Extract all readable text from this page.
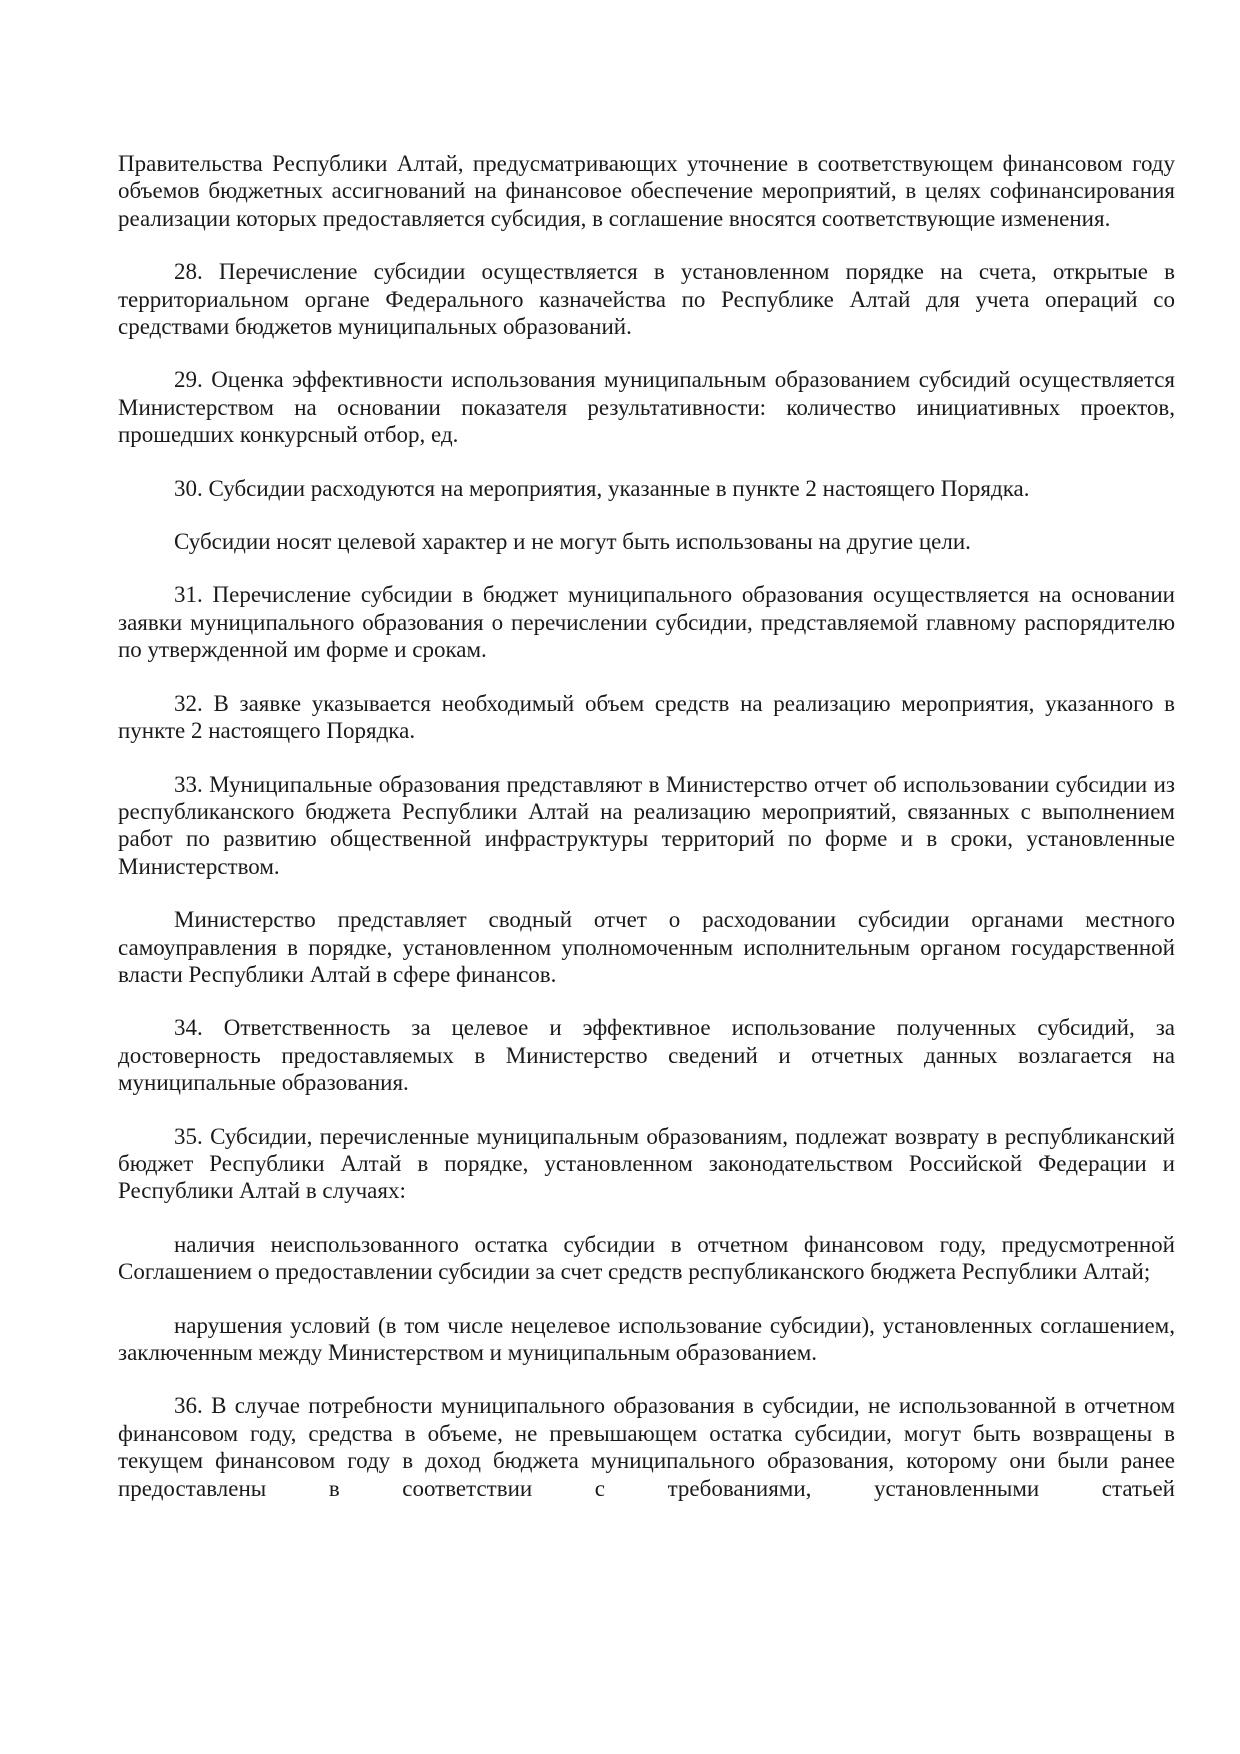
Правительства Республики Алтай, предусматривающих уточнение в соответствующем финансовом году объемов бюджетных ассигнований на финансовое обеспечение мероприятий, в целях софинансирования реализации которых предоставляется субсидия, в соглашение вносятся соответствующие изменения.

28. Перечисление субсидии осуществляется в установленном порядке на счета, открытые в территориальном органе Федерального казначейства по Республике Алтай для учета операций со средствами бюджетов муниципальных образований.

29. Оценка эффективности использования муниципальным образованием субсидий осуществляется Министерством на основании показателя результативности: количество инициативных проектов, прошедших конкурсный отбор, ед.

30. Субсидии расходуются на мероприятия, указанные в пункте 2 настоящего Порядка.

Субсидии носят целевой характер и не могут быть использованы на другие цели.

31. Перечисление субсидии в бюджет муниципального образования осуществляется на основании заявки муниципального образования о перечислении субсидии, представляемой главному распорядителю по утвержденной им форме и срокам.

32. В заявке указывается необходимый объем средств на реализацию мероприятия, указанного в пункте 2 настоящего Порядка.

33. Муниципальные образования представляют в Министерство отчет об использовании субсидии из республиканского бюджета Республики Алтай на реализацию мероприятий, связанных с выполнением работ по развитию общественной инфраструктуры территорий по форме и в сроки, установленные Министерством.

Министерство представляет сводный отчет о расходовании субсидии органами местного самоуправления в порядке, установленном уполномоченным исполнительным органом государственной власти Республики Алтай в сфере финансов.

34. Ответственность за целевое и эффективное использование полученных субсидий, за достоверность предоставляемых в Министерство сведений и отчетных данных возлагается на муниципальные образования.

35. Субсидии, перечисленные муниципальным образованиям, подлежат возврату в республиканский бюджет Республики Алтай в порядке, установленном законодательством Российской Федерации и Республики Алтай в случаях:

наличия неиспользованного остатка субсидии в отчетном финансовом году, предусмотренной Соглашением о предоставлении субсидии за счет средств республиканского бюджета Республики Алтай;

нарушения условий (в том числе нецелевое использование субсидии), установленных соглашением, заключенным между Министерством и муниципальным образованием.

36. В случае потребности муниципального образования в субсидии, не использованной в отчетном финансовом году, средства в объеме, не превышающем остатка субсидии, могут быть возвращены в текущем финансовом году в доход бюджета муниципального образования, которому они были ранее предоставлены в соответствии с требованиями, установленными статьей
